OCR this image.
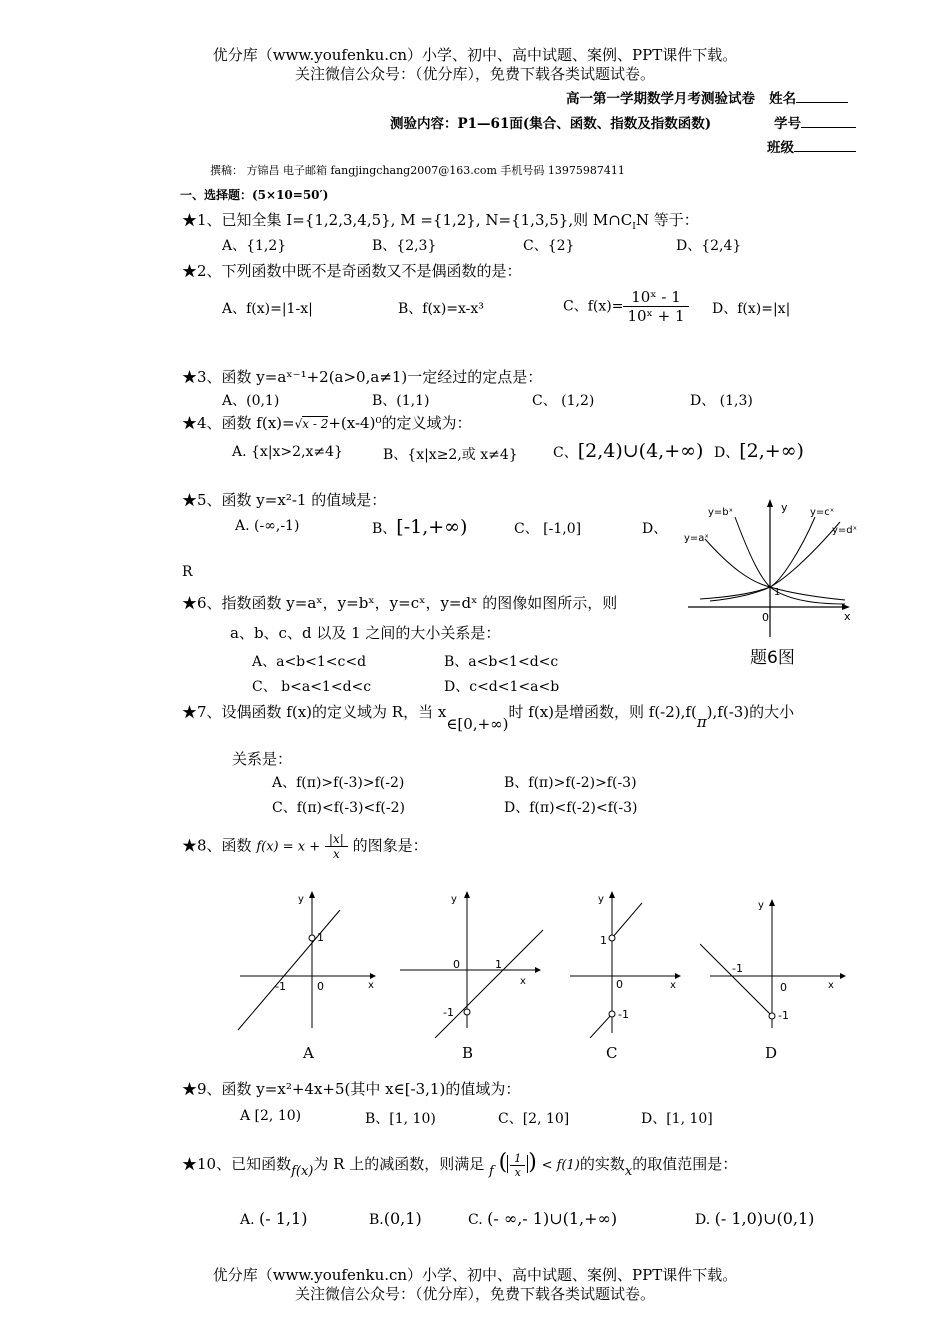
优分库（www.youfenku.cn）小学、初中、高中试题、案例、PPT课件下载。
关注微信公众号：（优分库），免费下载各类试题试卷。
高一第一学期数学月考测验试卷 姓名
测验内容：P1—61面(集合、函数、指数及指数函数)	学号
班级
撰稿： 方锦昌 电子邮箱 fangjingchang2007@163.com 手机号码 13975987411
一、选择题：(5×10=50′)
★1、已知全集 I={1,2,3,4,5}, M ={1,2}, N={1,3,5},则 $M\cap C_IN$ 等于：
A、{1,2}	B、{2,3}	C、{2}	D、{2,4}
★2、下列函数中既不是奇函数又不是偶函数的是：
A、f(x)=|1-x|	B、f(x)=x-x³	C、$f(x)= \frac{\text{10ˣ - 1}}{\text{10ˣ + 1}}$ D、f(x)=|x|
★3、函数 y=aˣ⁻¹+2(a>0,a≠1)一定经过的定点是：
A、(0,1)	B、(1,1)	C、 (1,2)	D、 (1,3)
★4、函数 f(x)=√x - 2+(x-4)⁰的定义域为：
A. {x|x>2,x≠4}	B、{x|x≥2,或 x≠4}	C、[2,4)∪(4,+∞) D、[2,+∞)
★5、函数 y=x²-1 的值域是：
A. (-∞,-1)	B、[-1,+∞)	C、 [-1,0]	D、
R
y=aˣ
y=bˣ	y=cˣ
y=dˣ
y
x
0
1
题6图
★6、指数函数 y=aˣ，y=bˣ，y=cˣ，y=dˣ 的图像如图所示，则
a、b、c、d 以及 1 之间的大小关系是：
A、a<b<1<c<d	B、a<b<1<d<c
C、 b<a<1<d<c	D、c<d<1<a<b
★7、设偶函数 f(x)的定义域为 R，当 x∈[0,+∞)时 f(x)是增函数，则 f(-2),f(π),f(-3)的大小
关系是：
A、f(π)>f(-3)>f(-2)	B、f(π)>f(-2)>f(-3)
C、f(π)<f(-3)<f(-2)	D、f(π)<f(-2)<f(-3)
★8、函数 $f(x) = x + \frac{|x|}{x}$ 的图象是：
1
-1	0	x
y
0	1
-1
x
y
1
0
-1
x
y
-1
0
-1
x
y
A	B	C	D
★9、函数 y=x²+4x+5(其中 x∈[-3,1)的值域为：
A [2, 10)	B、[1, 10)	C、[2, 10]	D、[1, 10]
★10、已知函数f(x)为 R 上的减函数，则满足 f ( $\frac{1}{x}$ ) < f(1)的实数x的取值范围是：
A. (- 1,1)	B.(0,1)	C. (- ∞,- 1)∪(1,+∞)	D. (- 1,0)∪(0,1)
优分库（www.youfenku.cn）小学、初中、高中试题、案例、PPT课件下载。
关注微信公众号：（优分库），免费下载各类试题试卷。
